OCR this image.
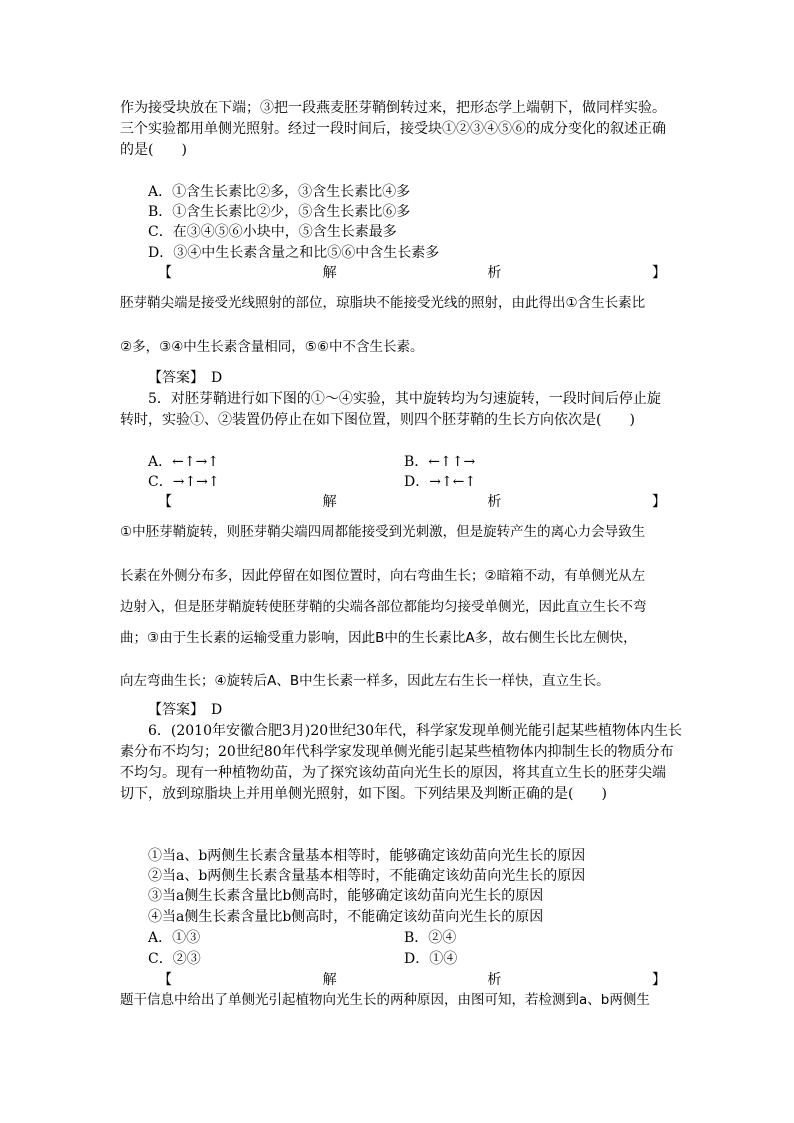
作为接受块放在下端；③把一段燕麦胚芽鞘倒转过来，把形态学上端朝下，做同样实验。
三个实验都用单侧光照射。经过一段时间后，接受块①②③④⑤⑥的成分变化的叙述正确
的是(　　)
A．①含生长素比②多，③含生长素比④多
B．①含生长素比②少，⑤含生长素比⑥多
C．在③④⑤⑥小块中，⑤含生长素最多
D．③④中生长素含量之和比⑤⑥中含生长素多
【	解	析	】
胚芽鞘尖端是接受光线照射的部位，琼脂块不能接受光线的照射，由此得出①含生长素比
②多，③④中生长素含量相同，⑤⑥中不含生长素。
【答案】　D
5．对胚芽鞘进行如下图的①～④实验，其中旋转均为匀速旋转，一段时间后停止旋
转时，实验①、②装置仍停止在如下图位置，则四个胚芽鞘的生长方向依次是(　　)
A．←↑→↑	B．←↑↑→
C．→↑→↑	D．→↑←↑
【	解	析	】
①中胚芽鞘旋转，则胚芽鞘尖端四周都能接受到光刺激，但是旋转产生的离心力会导致生
长素在外侧分布多，因此停留在如图位置时，向右弯曲生长；②暗箱不动，有单侧光从左
边射入，但是胚芽鞘旋转使胚芽鞘的尖端各部位都能均匀接受单侧光，因此直立生长不弯
曲；③由于生长素的运输受重力影响，因此B中的生长素比A多，故右侧生长比左侧快，
向左弯曲生长；④旋转后A、B中生长素一样多，因此左右生长一样快，直立生长。
【答案】　D
6．(2010年安徽合肥3月)20世纪30年代，科学家发现单侧光能引起某些植物体内生长
素分布不均匀；20世纪80年代科学家发现单侧光能引起某些植物体内抑制生长的物质分布
不均匀。现有一种植物幼苗，为了探究该幼苗向光生长的原因，将其直立生长的胚芽尖端
切下，放到琼脂块上并用单侧光照射，如下图。下列结果及判断正确的是(　　)
①当a、b两侧生长素含量基本相等时，能够确定该幼苗向光生长的原因
②当a、b两侧生长素含量基本相等时，不能确定该幼苗向光生长的原因
③当a侧生长素含量比b侧高时，能够确定该幼苗向光生长的原因
④当a侧生长素含量比b侧高时，不能确定该幼苗向光生长的原因
A．①③	B．②④
C．②③	D．①④
【	解	析	】
题干信息中给出了单侧光引起植物向光生长的两种原因，由图可知，若检测到a、b两侧生
